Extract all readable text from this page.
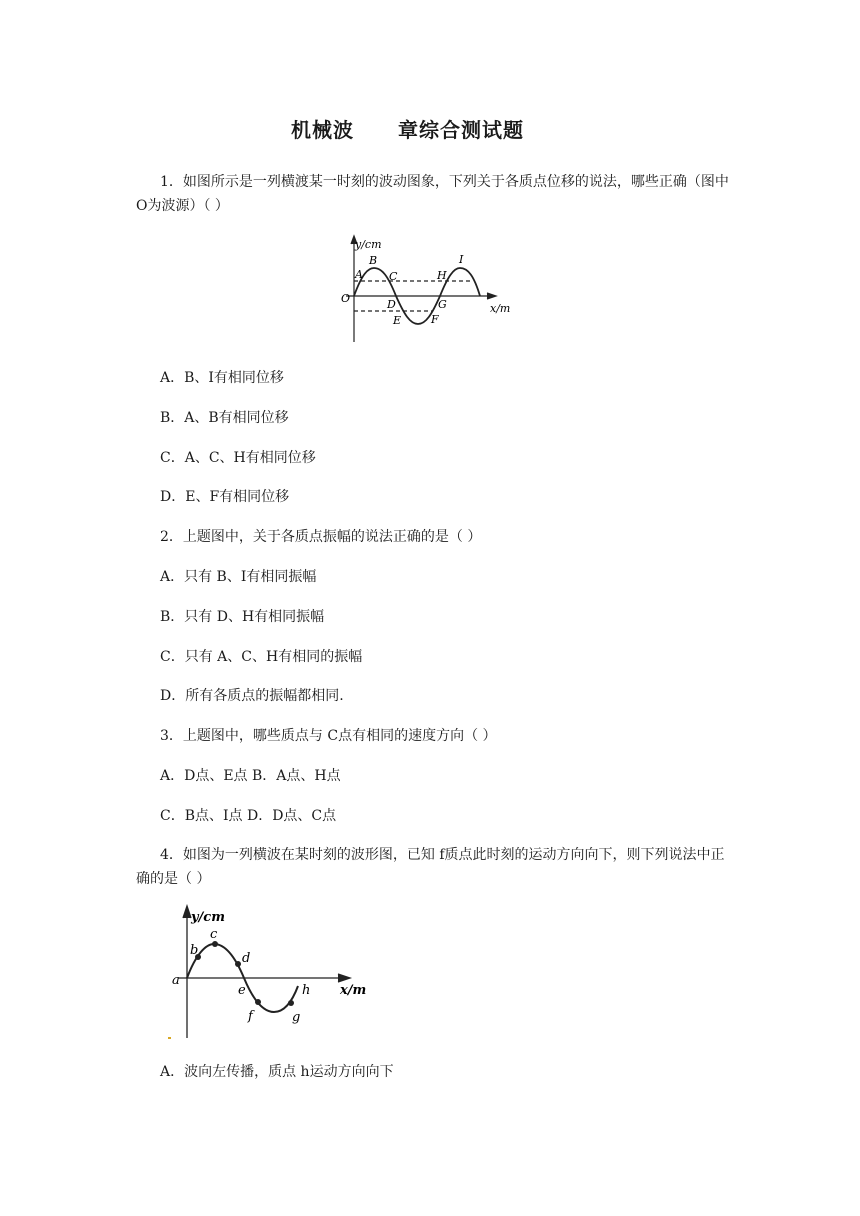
机械波 章综合测试题

1．如图所示是一列横渡某一时刻的波动图象，下列关于各质点位移的说法，哪些正确（图中O为波源）（ ）

y/cm
x/m
O
A
B
C
D
E	F
G
H
I

A．B、I有相同位移

B．A、B有相同位移

C．A、C、H有相同位移

D．E、F有相同位移

2．上题图中，关于各质点振幅的说法正确的是（ ）

A．只有 B、I有相同振幅

B．只有 D、H有相同振幅

C．只有 A、C、H有相同的振幅

D．所有各质点的振幅都相同.

3．上题图中，哪些质点与 C点有相同的速度方向（ ）

A．D点、E点 B．A点、H点

C．B点、I点 D．D点、C点

4．如图为一列横波在某时刻的波形图，已知 f质点此时刻的运动方向向下，则下列说法中正确的是（ ）

y/cm
x/m
a
b
c
d
e
f	g
h

A．波向左传播，质点 h运动方向向下
